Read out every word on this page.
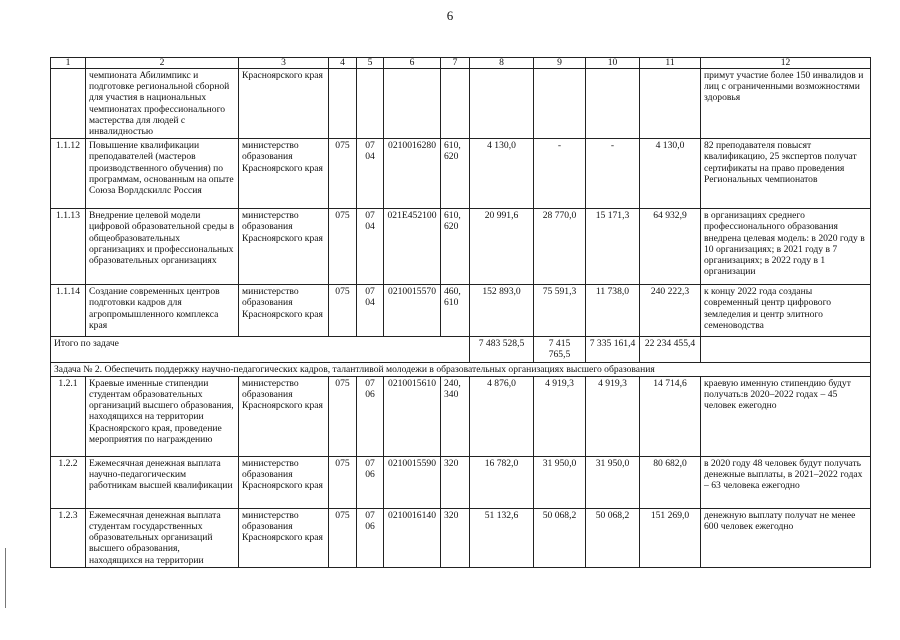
6
1	2	3	4	5	6	7	8	9	10	11	12
	чемпионата Абилимпикс и подготовке региональной сборной для участия в национальных чемпионатах профессионального мастерства для людей с инвалидностью	Красноярского края									примут участие более 150 инвалидов и лиц с ограниченными возможностями здоровья
1.1.12	Повышение квалификации преподавателей (мастеров производственного обучения) по программам, основанным на опыте Союза Ворлдскиллс Россия	министерство образования Красноярского края	075	07 04	0210016280	610, 620	4 130,0	-	-	4 130,0	82 преподавателя повысят квалификацию, 25 экспертов получат сертификаты на право проведения Региональных чемпионатов
1.1.13	Внедрение целевой модели цифровой образовательной среды в общеобразовательных организациях и профессиональных образовательных организациях	министерство образования Красноярского края	075	07 04	021E452100	610, 620	20 991,6	28 770,0	15 171,3	64 932,9	в организациях среднего профессионального образования внедрена целевая модель: в 2020 году в 10 организациях; в 2021 году в 7 организациях; в 2022 году в 1 организации
1.1.14	Создание современных центров подготовки кадров для агропромышленного комплекса края	министерство образования Красноярского края	075	07 04	0210015570	460, 610	152 893,0	75 591,3	11 738,0	240 222,3	к концу 2022 года созданы современный центр цифрового земледелия и центр элитного семеноводства
Итого по задаче							7 483 528,5	7 415 765,5	7 335 161,4	22 234 455,4	
Задача № 2. Обеспечить поддержку научно-педагогических кадров, талантливой молодежи в образовательных организациях высшего образования											
1.2.1	Краевые именные стипендии студентам образовательных организаций высшего образования, находящихся на территории Красноярского края, проведение мероприятия по награждению	министерство образования Красноярского края	075	07 06	0210015610	240, 340	4 876,0	4 919,3	4 919,3	14 714,6	краевую именную стипендию будут получать:в 2020–2022 годах – 45 человек ежегодно
1.2.2	Ежемесячная денежная выплата научно-педагогическим работникам высшей квалификации	министерство образования Красноярского края	075	07 06	0210015590	320	16 782,0	31 950,0	31 950,0	80 682,0	в 2020 году 48 человек будут получать денежные выплаты, в 2021–2022 годах – 63 человека ежегодно
1.2.3	Ежемесячная денежная выплата студентам государственных образовательных организаций высшего образования, находящихся на территории	министерство образования Красноярского края	075	07 06	0210016140	320	51 132,6	50 068,2	50 068,2	151 269,0	денежную выплату получат не менее 600 человек ежегодно
